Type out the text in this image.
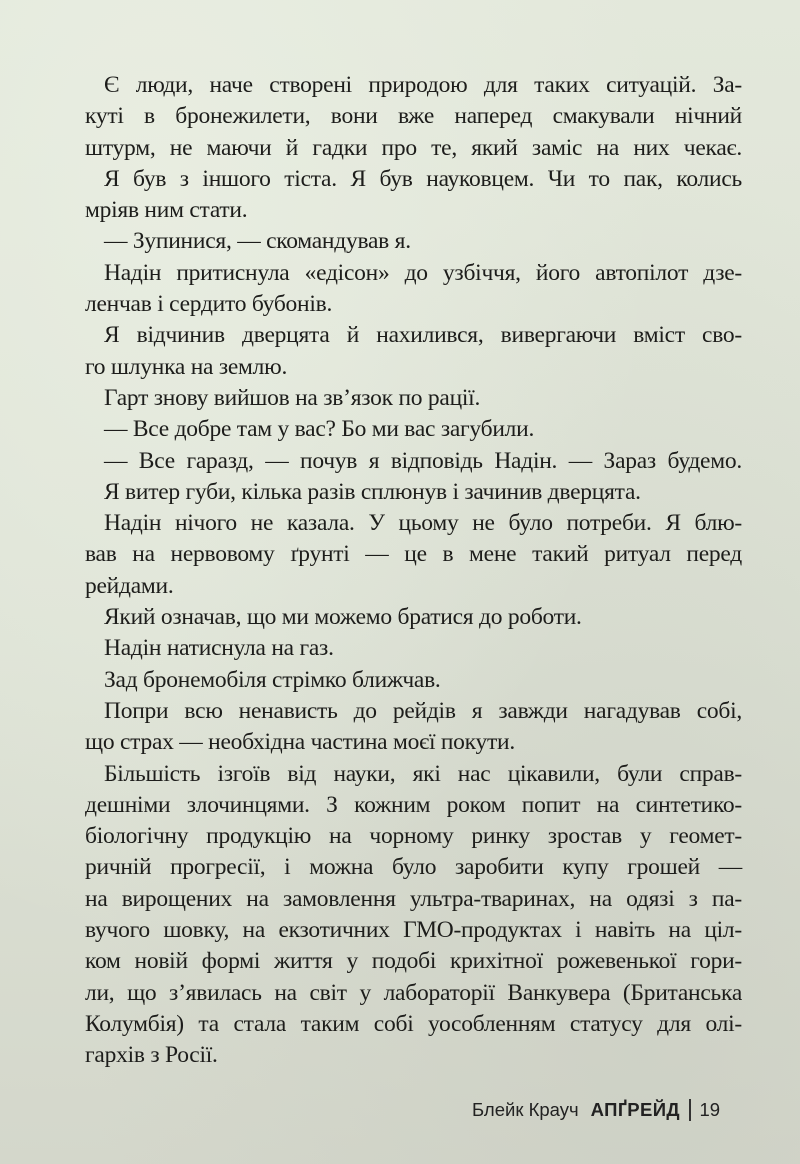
Є люди, наче створені природою для таких ситуацій. За-
куті в бронежилети, вони вже наперед смакували нічний
штурм, не маючи й гадки про те, який заміс на них чекає.
Я був з іншого тіста. Я був науковцем. Чи то пак, колись
мріяв ним стати.
— Зупинися, — скомандував я.
Надін притиснула «едісон» до узбіччя, його автопілот дзе-
ленчав і сердито бубонів.
Я відчинив дверцята й нахилився, вивергаючи вміст сво-
го шлунка на землю.
Гарт знову вийшов на зв’язок по рації.
— Все добре там у вас? Бо ми вас загубили.
— Все гаразд, — почув я відповідь Надін. — Зараз будемо.
Я витер губи, кілька разів сплюнув і зачинив дверцята.
Надін нічого не казала. У цьому не було потреби. Я блю-
вав на нервовому ґрунті — це в мене такий ритуал перед
рейдами.
Який означав, що ми можемо братися до роботи.
Надін натиснула на газ.
Зад бронемобіля стрімко ближчав.
Попри всю ненависть до рейдів я завжди нагадував собі,
що страх — необхідна частина моєї покути.
Більшість ізгоїв від науки, які нас цікавили, були справ-
дешніми злочинцями. З кожним роком попит на синтетико-
біологічну продукцію на чорному ринку зростав у геомет-
ричній прогресії, і можна було заробити купу грошей —
на вирощених на замовлення ультра-тваринах, на одязі з па-
вучого шовку, на екзотичних ГМО-продуктах і навіть на ціл-
ком новій формі життя у подобі крихітної рожевенької гори-
ли, що з’явилась на світ у лабораторії Ванкувера (Британська
Колумбія) та стала таким собі уособленням статусу для олі-
гархів з Росії.
Блейк Крауч АПҐРЕЙД 19
